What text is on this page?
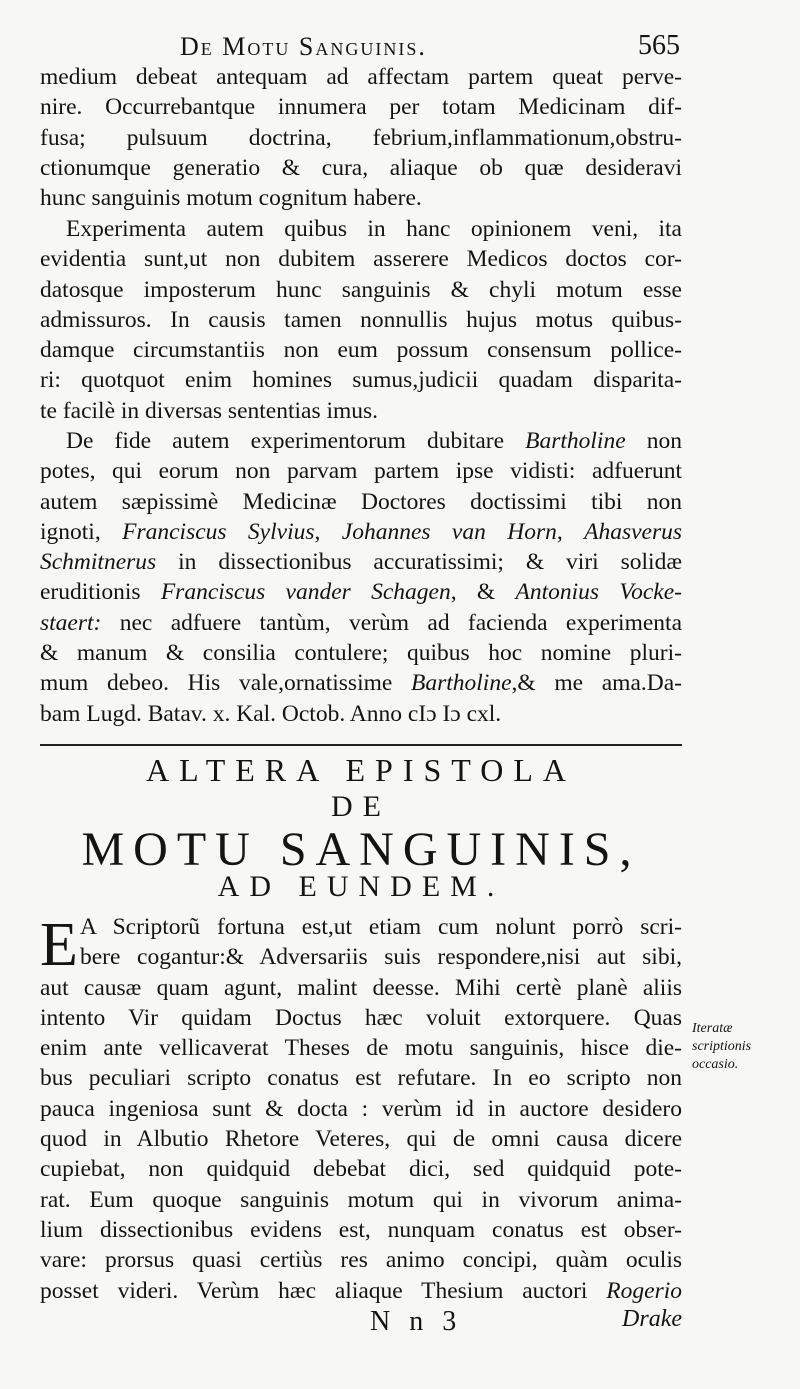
De Motu Sanguinis.	565
medium debeat antequam ad affectam partem queat perve-
nire. Occurrebantque innumera per totam Medicinam dif-
fusa; pulsuum doctrina, febrium,inflammationum,obstru-
ctionumque generatio & cura, aliaque ob quæ desideravi
hunc sanguinis motum cognitum habere.
Experimenta autem quibus in hanc opinionem veni, ita
evidentia sunt,ut non dubitem asserere Medicos doctos cor-
datosque imposterum hunc sanguinis & chyli motum esse
admissuros. In causis tamen nonnullis hujus motus quibus-
damque circumstantiis non eum possum consensum pollice-
ri: quotquot enim homines sumus,judicii quadam disparita-
te facilè in diversas sententias imus.
De fide autem experimentorum dubitare Bartholine non
potes, qui eorum non parvam partem ipse vidisti: adfuerunt
autem sæpissimè Medicinæ Doctores doctissimi tibi non
ignoti, Franciscus Sylvius, Johannes van Horn, Ahasverus
Schmitnerus in dissectionibus accuratissimi; & viri solidæ
eruditionis Franciscus vander Schagen, & Antonius Vocke-
staert: nec adfuere tantùm, verùm ad facienda experimenta
& manum & consilia contulere; quibus hoc nomine pluri-
mum debeo. His vale,ornatissime Bartholine,& me ama.Da-
bam Lugd. Batav. x. Kal. Octob. Anno cIɔ Iɔ cxl.
ALTERA EPISTOLA
DE
MOTU SANGUINIS,
AD EUNDEM.
E A Scriptorũ fortuna est,ut etiam cum nolunt porrò scri-
bere cogantur:& Adversariis suis respondere,nisi aut sibi,
aut causæ quam agunt, malint deesse. Mihi certè planè aliis
intento Vir quidam Doctus hæc voluit extorquere. Quas
enim ante vellicaverat Theses de motu sanguinis, hisce die-
bus peculiari scripto conatus est refutare. In eo scripto non
pauca ingeniosa sunt & docta : verùm id in auctore desidero
quod in Albutio Rhetore Veteres, qui de omni causa dicere
cupiebat, non quidquid debebat dici, sed quidquid pote-
rat. Eum quoque sanguinis motum qui in vivorum anima-
lium dissectionibus evidens est, nunquam conatus est obser-
vare: prorsus quasi certiùs res animo concipi, quàm oculis
posset videri. Verùm hæc aliaque Thesium auctori Rogerio
Iteratæ
scriptionis
occasio.
N n 3	Drake
